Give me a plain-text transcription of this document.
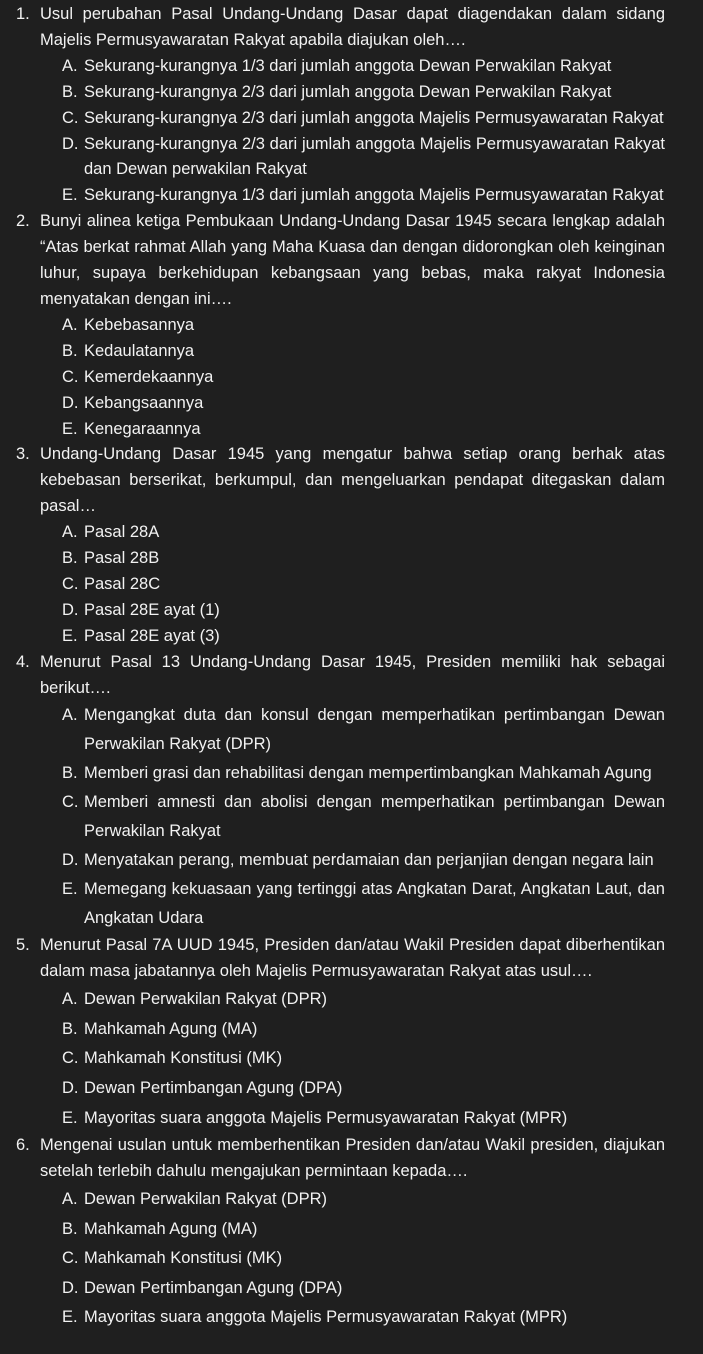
1. Usul perubahan Pasal Undang-Undang Dasar dapat diagendakan dalam sidang Majelis Permusyawaratan Rakyat apabila diajukan oleh….
A. Sekurang-kurangnya 1/3 dari jumlah anggota Dewan Perwakilan Rakyat
B. Sekurang-kurangnya 2/3 dari jumlah anggota Dewan Perwakilan Rakyat
C. Sekurang-kurangnya 2/3 dari jumlah anggota Majelis Permusyawaratan Rakyat
D. Sekurang-kurangnya 2/3 dari jumlah anggota Majelis Permusyawaratan Rakyat dan Dewan perwakilan Rakyat
E. Sekurang-kurangnya 1/3 dari jumlah anggota Majelis Permusyawaratan Rakyat
2. Bunyi alinea ketiga Pembukaan Undang-Undang Dasar 1945 secara lengkap adalah “Atas berkat rahmat Allah yang Maha Kuasa dan dengan didorongkan oleh keinginan luhur, supaya berkehidupan kebangsaan yang bebas, maka rakyat Indonesia menyatakan dengan ini….
A. Kebebasannya
B. Kedaulatannya
C. Kemerdekaannya
D. Kebangsaannya
E. Kenegaraannya
3. Undang-Undang Dasar 1945 yang mengatur bahwa setiap orang berhak atas kebebasan berserikat, berkumpul, dan mengeluarkan pendapat ditegaskan dalam pasal…
A. Pasal 28A
B. Pasal 28B
C. Pasal 28C
D. Pasal 28E ayat (1)
E. Pasal 28E ayat (3)
4. Menurut Pasal 13 Undang-Undang Dasar 1945, Presiden memiliki hak sebagai berikut….
A. Mengangkat duta dan konsul dengan memperhatikan pertimbangan Dewan Perwakilan Rakyat (DPR)
B. Memberi grasi dan rehabilitasi dengan mempertimbangkan Mahkamah Agung
C. Memberi amnesti dan abolisi dengan memperhatikan pertimbangan Dewan Perwakilan Rakyat
D. Menyatakan perang, membuat perdamaian dan perjanjian dengan negara lain
E. Memegang kekuasaan yang tertinggi atas Angkatan Darat, Angkatan Laut, dan Angkatan Udara
5. Menurut Pasal 7A UUD 1945, Presiden dan/atau Wakil Presiden dapat diberhentikan dalam masa jabatannya oleh Majelis Permusyawaratan Rakyat atas usul….
A. Dewan Perwakilan Rakyat (DPR)
B. Mahkamah Agung (MA)
C. Mahkamah Konstitusi (MK)
D. Dewan Pertimbangan Agung (DPA)
E. Mayoritas suara anggota Majelis Permusyawaratan Rakyat (MPR)
6. Mengenai usulan untuk memberhentikan Presiden dan/atau Wakil presiden, diajukan setelah terlebih dahulu mengajukan permintaan kepada….
A. Dewan Perwakilan Rakyat (DPR)
B. Mahkamah Agung (MA)
C. Mahkamah Konstitusi (MK)
D. Dewan Pertimbangan Agung (DPA)
E. Mayoritas suara anggota Majelis Permusyawaratan Rakyat (MPR)
